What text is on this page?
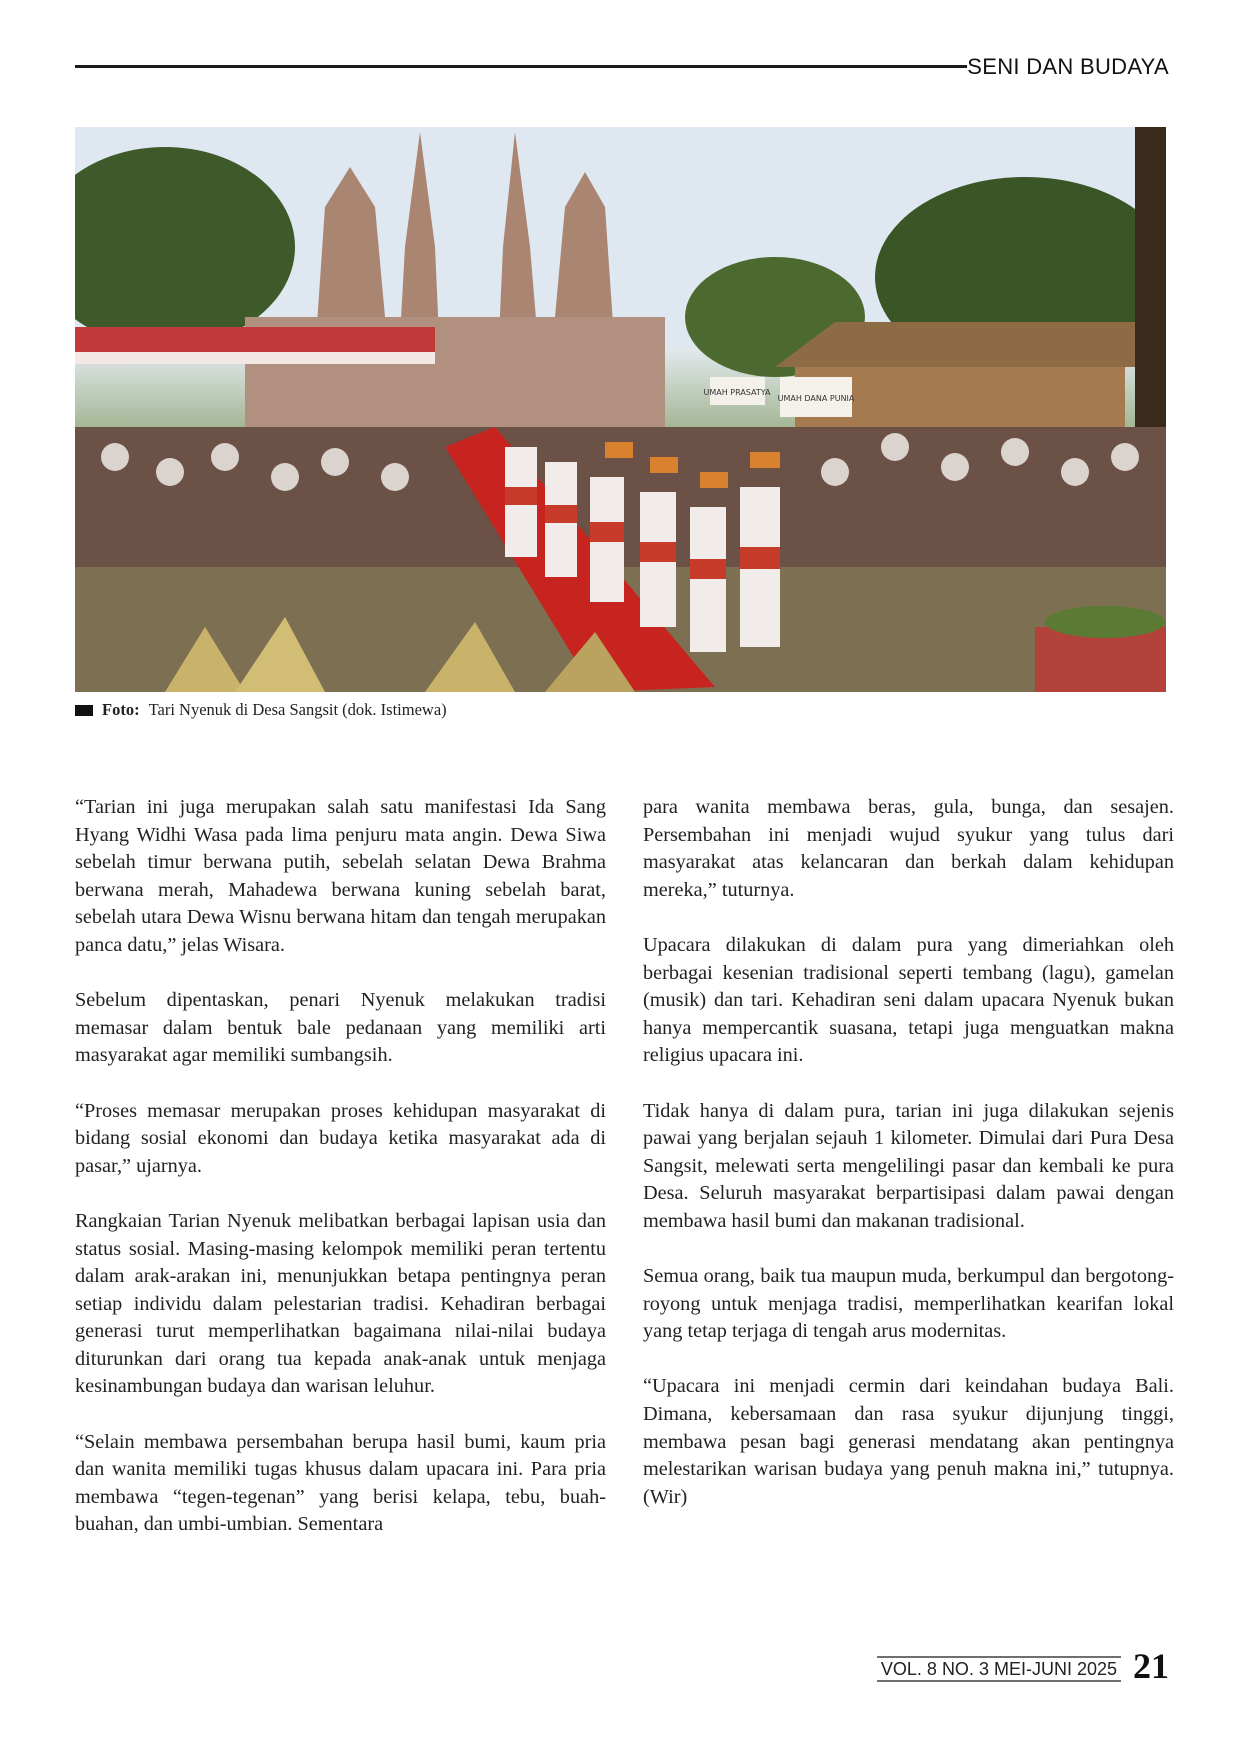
SENI DAN BUDAYA
UMAH PRASATYA
UMAH DANA PUNIA
Foto: Tari Nyenuk di Desa Sangsit (dok. Istimewa)

“Tarian ini juga merupakan salah satu manifestasi Ida Sang Hyang Widhi Wasa pada lima penjuru mata angin. Dewa Siwa sebelah timur berwana putih, sebelah selatan Dewa Brahma berwana merah, Mahadewa berwana kuning sebelah barat, sebelah utara Dewa Wisnu berwana hitam dan tengah merupakan panca datu,” jelas Wisara.

Sebelum dipentaskan, penari Nyenuk melakukan tradisi memasar dalam bentuk bale pedanaan yang memiliki arti masyarakat agar memiliki sumbangsih.

“Proses memasar merupakan proses kehidupan masyarakat di bidang sosial ekonomi dan budaya ketika masyarakat ada di pasar,” ujarnya.

Rangkaian Tarian Nyenuk melibatkan berbagai lapisan usia dan status sosial. Masing-masing kelompok memiliki peran tertentu dalam arak-arakan ini, menunjukkan betapa pentingnya peran setiap individu dalam pelestarian tradisi. Kehadiran berbagai generasi turut memperlihatkan bagaimana nilai-nilai budaya diturunkan dari orang tua kepada anak-anak untuk menjaga kesinambungan budaya dan warisan leluhur.

“Selain membawa persembahan berupa hasil bumi, kaum pria dan wanita memiliki tugas khusus dalam upacara ini. Para pria membawa “tegen-tegenan” yang berisi kelapa, tebu, buah-buahan, dan umbi-umbian. Sementara

para wanita membawa beras, gula, bunga, dan sesajen. Persembahan ini menjadi wujud syukur yang tulus dari masyarakat atas kelancaran dan berkah dalam kehidupan mereka,” tuturnya.

Upacara dilakukan di dalam pura yang dimeriahkan oleh berbagai kesenian tradisional seperti tembang (lagu), gamelan (musik) dan tari. Kehadiran seni dalam upacara Nyenuk bukan hanya mempercantik suasana, tetapi juga menguatkan makna religius upacara ini.

Tidak hanya di dalam pura, tarian ini juga dilakukan sejenis pawai yang berjalan sejauh 1 kilometer. Dimulai dari Pura Desa Sangsit, melewati serta mengelilingi pasar dan kembali ke pura Desa. Seluruh masyarakat berpartisipasi dalam pawai dengan membawa hasil bumi dan makanan tradisional.

Semua orang, baik tua maupun muda, berkumpul dan bergotong-royong untuk menjaga tradisi, memperlihatkan kearifan lokal yang tetap terjaga di tengah arus modernitas.

“Upacara ini menjadi cermin dari keindahan budaya Bali. Dimana, kebersamaan dan rasa syukur dijunjung tinggi, membawa pesan bagi generasi mendatang akan pentingnya melestarikan warisan budaya yang penuh makna ini,” tutupnya. (Wir)

VOL. 8 NO. 3 MEI-JUNI 2025 21
